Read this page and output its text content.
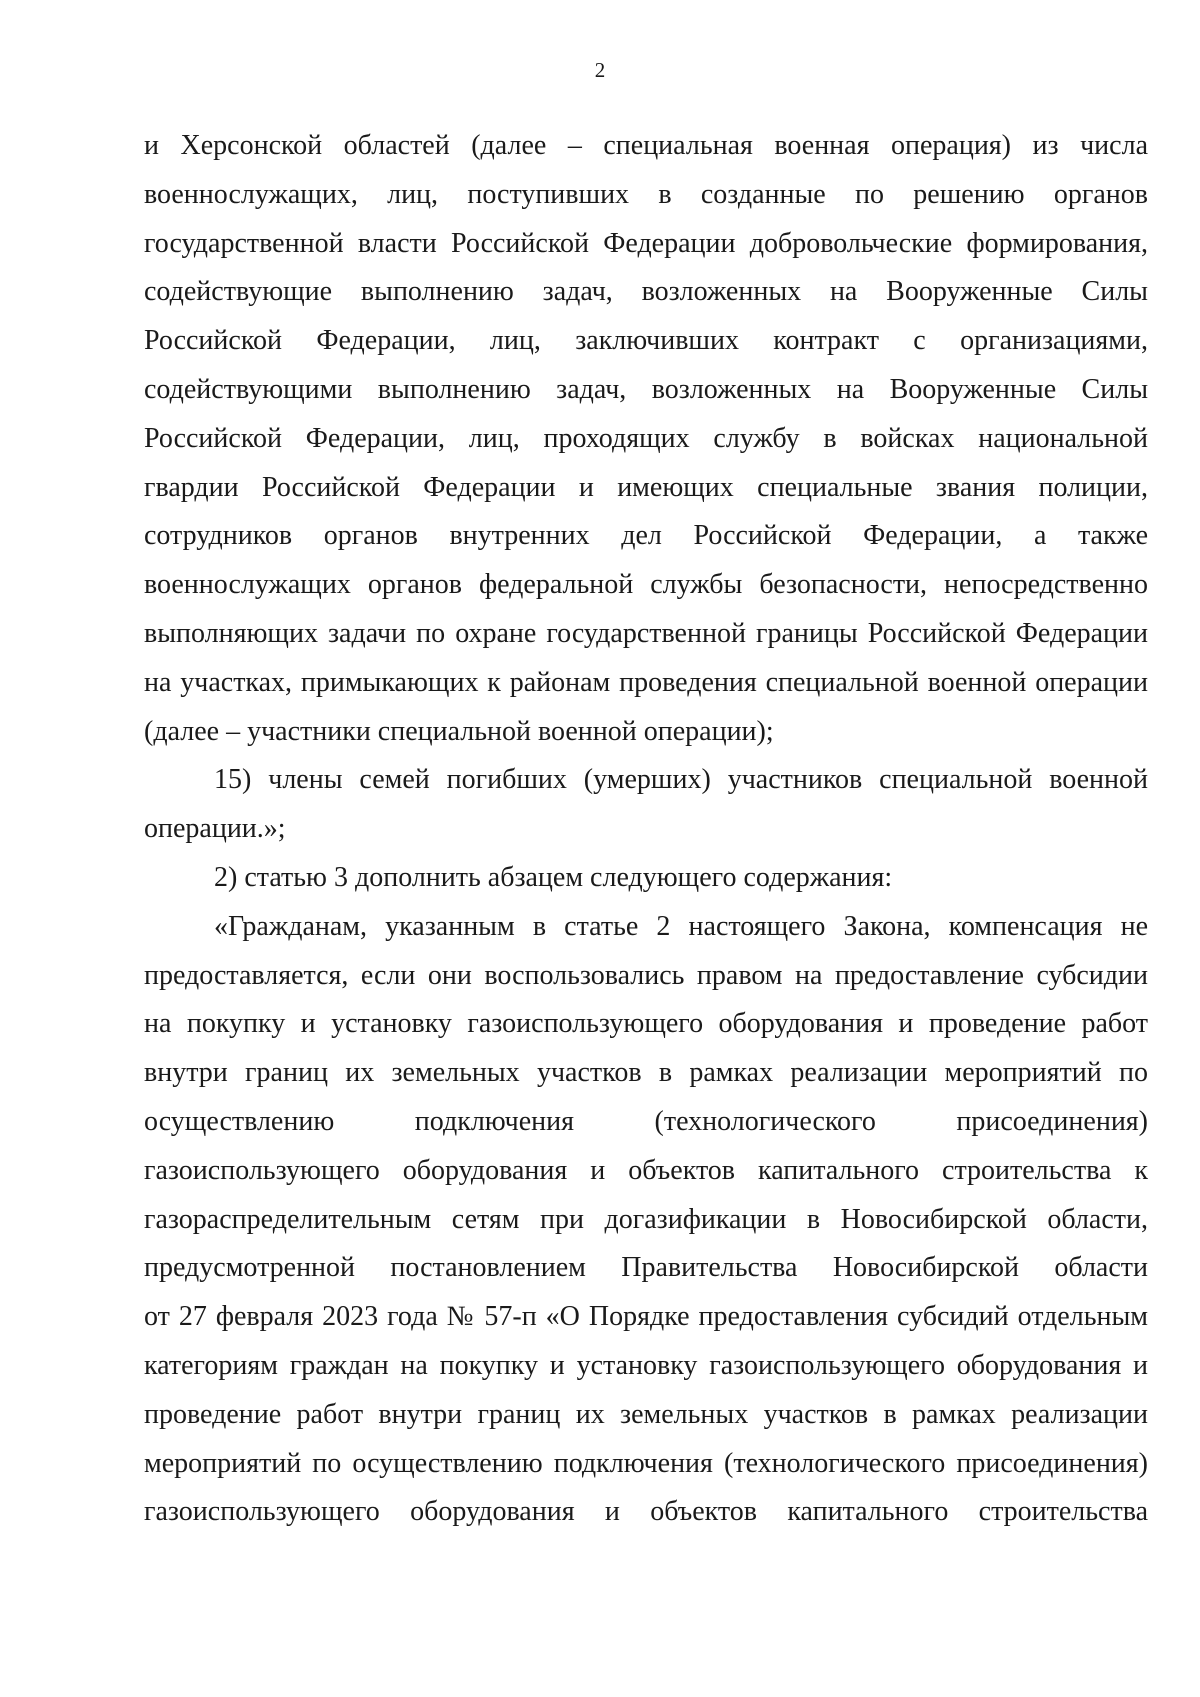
2
и Херсонской областей (далее – специальная военная операция) из числа
военнослужащих, лиц, поступивших в созданные по решению органов
государственной власти Российской Федерации добровольческие формирования,
содействующие выполнению задач, возложенных на Вооруженные Силы
Российской Федерации, лиц, заключивших контракт с организациями,
содействующими выполнению задач, возложенных на Вооруженные Силы
Российской Федерации, лиц, проходящих службу в войсках национальной
гвардии Российской Федерации и имеющих специальные звания полиции,
сотрудников органов внутренних дел Российской Федерации, а также
военнослужащих органов федеральной службы безопасности, непосредственно
выполняющих задачи по охране государственной границы Российской Федерации
на участках, примыкающих к районам проведения специальной военной операции
(далее – участники специальной военной операции);
15) члены семей погибших (умерших) участников специальной военной
операции.»;
2) статью 3 дополнить абзацем следующего содержания:
«Гражданам, указанным в статье 2 настоящего Закона, компенсация не
предоставляется, если они воспользовались правом на предоставление субсидии
на покупку и установку газоиспользующего оборудования и проведение работ
внутри границ их земельных участков в рамках реализации мероприятий по
осуществлению подключения (технологического присоединения)
газоиспользующего оборудования и объектов капитального строительства к
газораспределительным сетям при догазификации в Новосибирской области,
предусмотренной постановлением Правительства Новосибирской области
от 27 февраля 2023 года № 57-п «О Порядке предоставления субсидий отдельным
категориям граждан на покупку и установку газоиспользующего оборудования и
проведение работ внутри границ их земельных участков в рамках реализации
мероприятий по осуществлению подключения (технологического присоединения)
газоиспользующего оборудования и объектов капитального строительства
